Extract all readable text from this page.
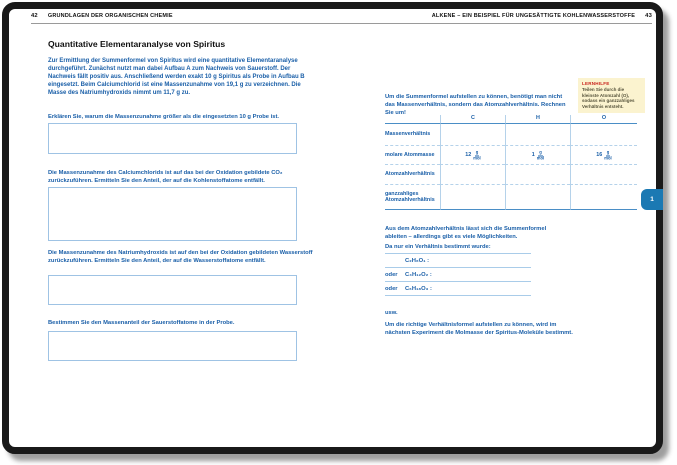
42 GRUNDLAGEN DER ORGANISCHEN CHEMIE	ALKENE – EIN BEISPIEL FÜR UNGESÄTTIGTE KOHLENWASSERSTOFFE 43
Quantitative Elementaranalyse von Spiritus
Zur Ermittlung der Summenformel von Spiritus wird eine quantitative Elementaranalyse durchgeführt. Zunächst nutzt man dabei Aufbau A zum Nachweis von Sauerstoff. Der Nachweis fällt positiv aus. Anschließend werden exakt 10 g Spiritus als Probe in Aufbau B eingesetzt. Beim Calciumchlorid ist eine Massenzunahme von 19,1 g zu verzeichnen. Die Masse des Natriumhydroxids nimmt um 11,7 g zu.
Erklären Sie, warum die Massenzunahme größer als die eingesetzten 10 g Probe ist.
Die Massenzunahme des Calciumchlorids ist auf das bei der Oxidation gebildete CO₂ zurückzuführen. Ermitteln Sie den Anteil, der auf die Kohlenstoffatome entfällt.
Die Massenzunahme des Natriumhydroxids ist auf den bei der Oxidation gebildeten Wasserstoff zurückzuführen. Ermitteln Sie den Anteil, der auf die Wasserstoffatome entfällt.
Bestimmen Sie den Massenanteil der Sauerstoffatome in der Probe.
Um die Summenformel aufstellen zu können, benötigt man nicht das Massenverhältnis, sondern das Atomzahlverhältnis. Rechnen Sie um!
LERNHILFE
Teilen Sie durch die kleinste Atomzahl (O), sodass ein ganzzahliges Verhältnis entsteht.
C	H	O
Massenverhältnis
molare Atommasse	$12 \frac{g}{\text{mol}}$	$1 \frac{g}{\text{mol}}$	$16 \frac{g}{\text{mol}}$
Atomzahlverhältnis
ganzzahliges Atomzahlverhältnis
Aus dem Atomzahlverhältnis lässt sich die Summenformel ableiten – allerdings gibt es viele Möglichkeiten.
Da nur ein Verhältnis bestimmt wurde:
C₂H₆O₁ :
oder C₄H₁₂O₂ :
oder C₆H₁₈O₃ :
usw.
Um die richtige Verhältnisformel aufstellen zu können, wird im nächsten Experiment die Molmasse der Spiritus-Moleküle bestimmt.
1
